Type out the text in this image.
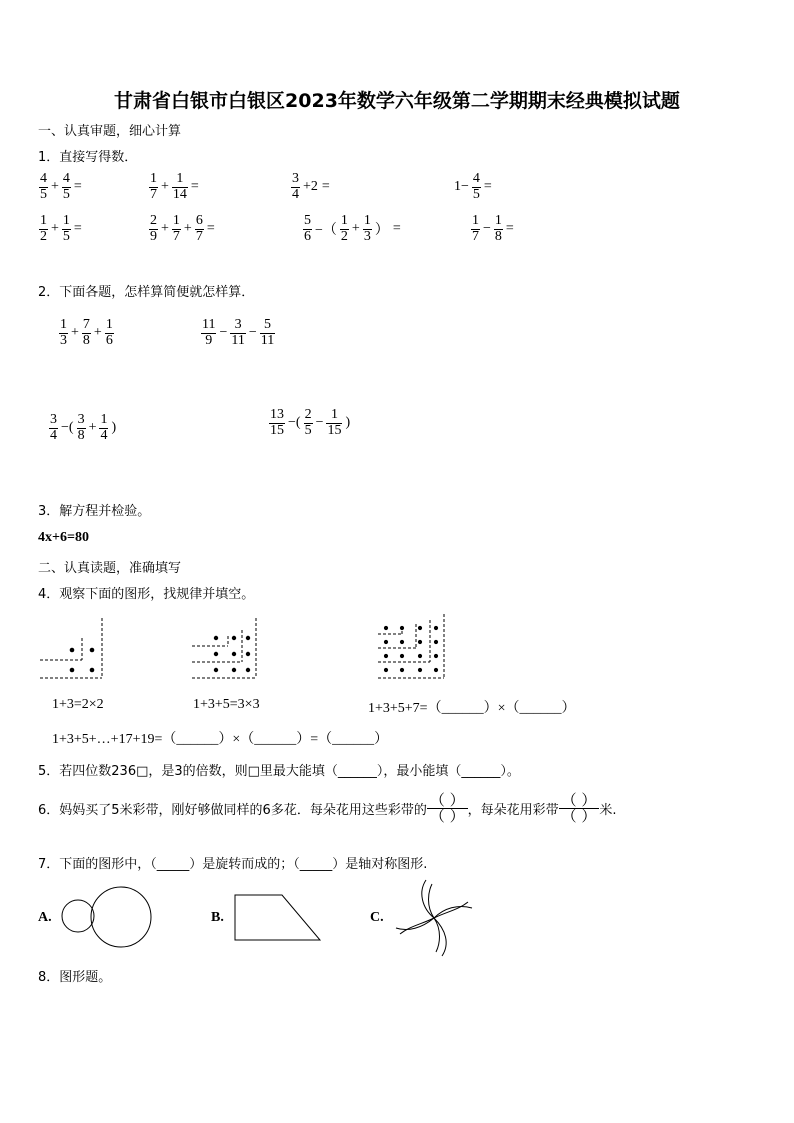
甘肃省白银市白银区2023年数学六年级第二学期期末经典模拟试题
一、认真审题，细心计算
1．直接写得数．
$\frac{4}{5} + \frac{4}{5}$ =	$\frac{1}{7} + \frac{1}{14}$ =	$\frac{3}{4} +2$ =	$1- \frac{4}{5}$ =
$\frac{1}{2} + \frac{1}{5}$ =	$\frac{2}{9} + \frac{1}{7} + \frac{6}{7}$ =	$\frac{5}{6}$ −（ $\frac{1}{2} + \frac{1}{3}$ ） =	$\frac{1}{7} - \frac{1}{8}$ =
2．下面各题，怎样算简便就怎样算．
$\frac{1}{3} + \frac{7}{8} + \frac{1}{6}$	$\frac{11}{9} - \frac{3}{11} - \frac{5}{11}$
$\frac{3}{4}$ −( $\frac{3}{8} + \frac{1}{4}$ )	$\frac{13}{15}$ −( $\frac{2}{5} - \frac{1}{15}$ )
3．解方程并检验。
4x+6=80
二、认真读题，准确填写
4．观察下面的图形，找规律并填空。
1+3=2×2	1+3+5=3×3	1+3+5+7=（______）×（______）
1+3+5+…+17+19=（______）×（______）=（______）
5．若四位数236□，是3的倍数，则□里最大能填（______），最小能填（______）。
6．妈妈买了5米彩带，刚好够做同样的6多花．每朵花用这些彩带的
（ ）
（ ） ，每朵花用彩带
（ ）
（ ） 米.
7．下面的图形中，（_____）是旋转而成的；（_____）是轴对称图形.
A.	B.	C.
8．图形题。
